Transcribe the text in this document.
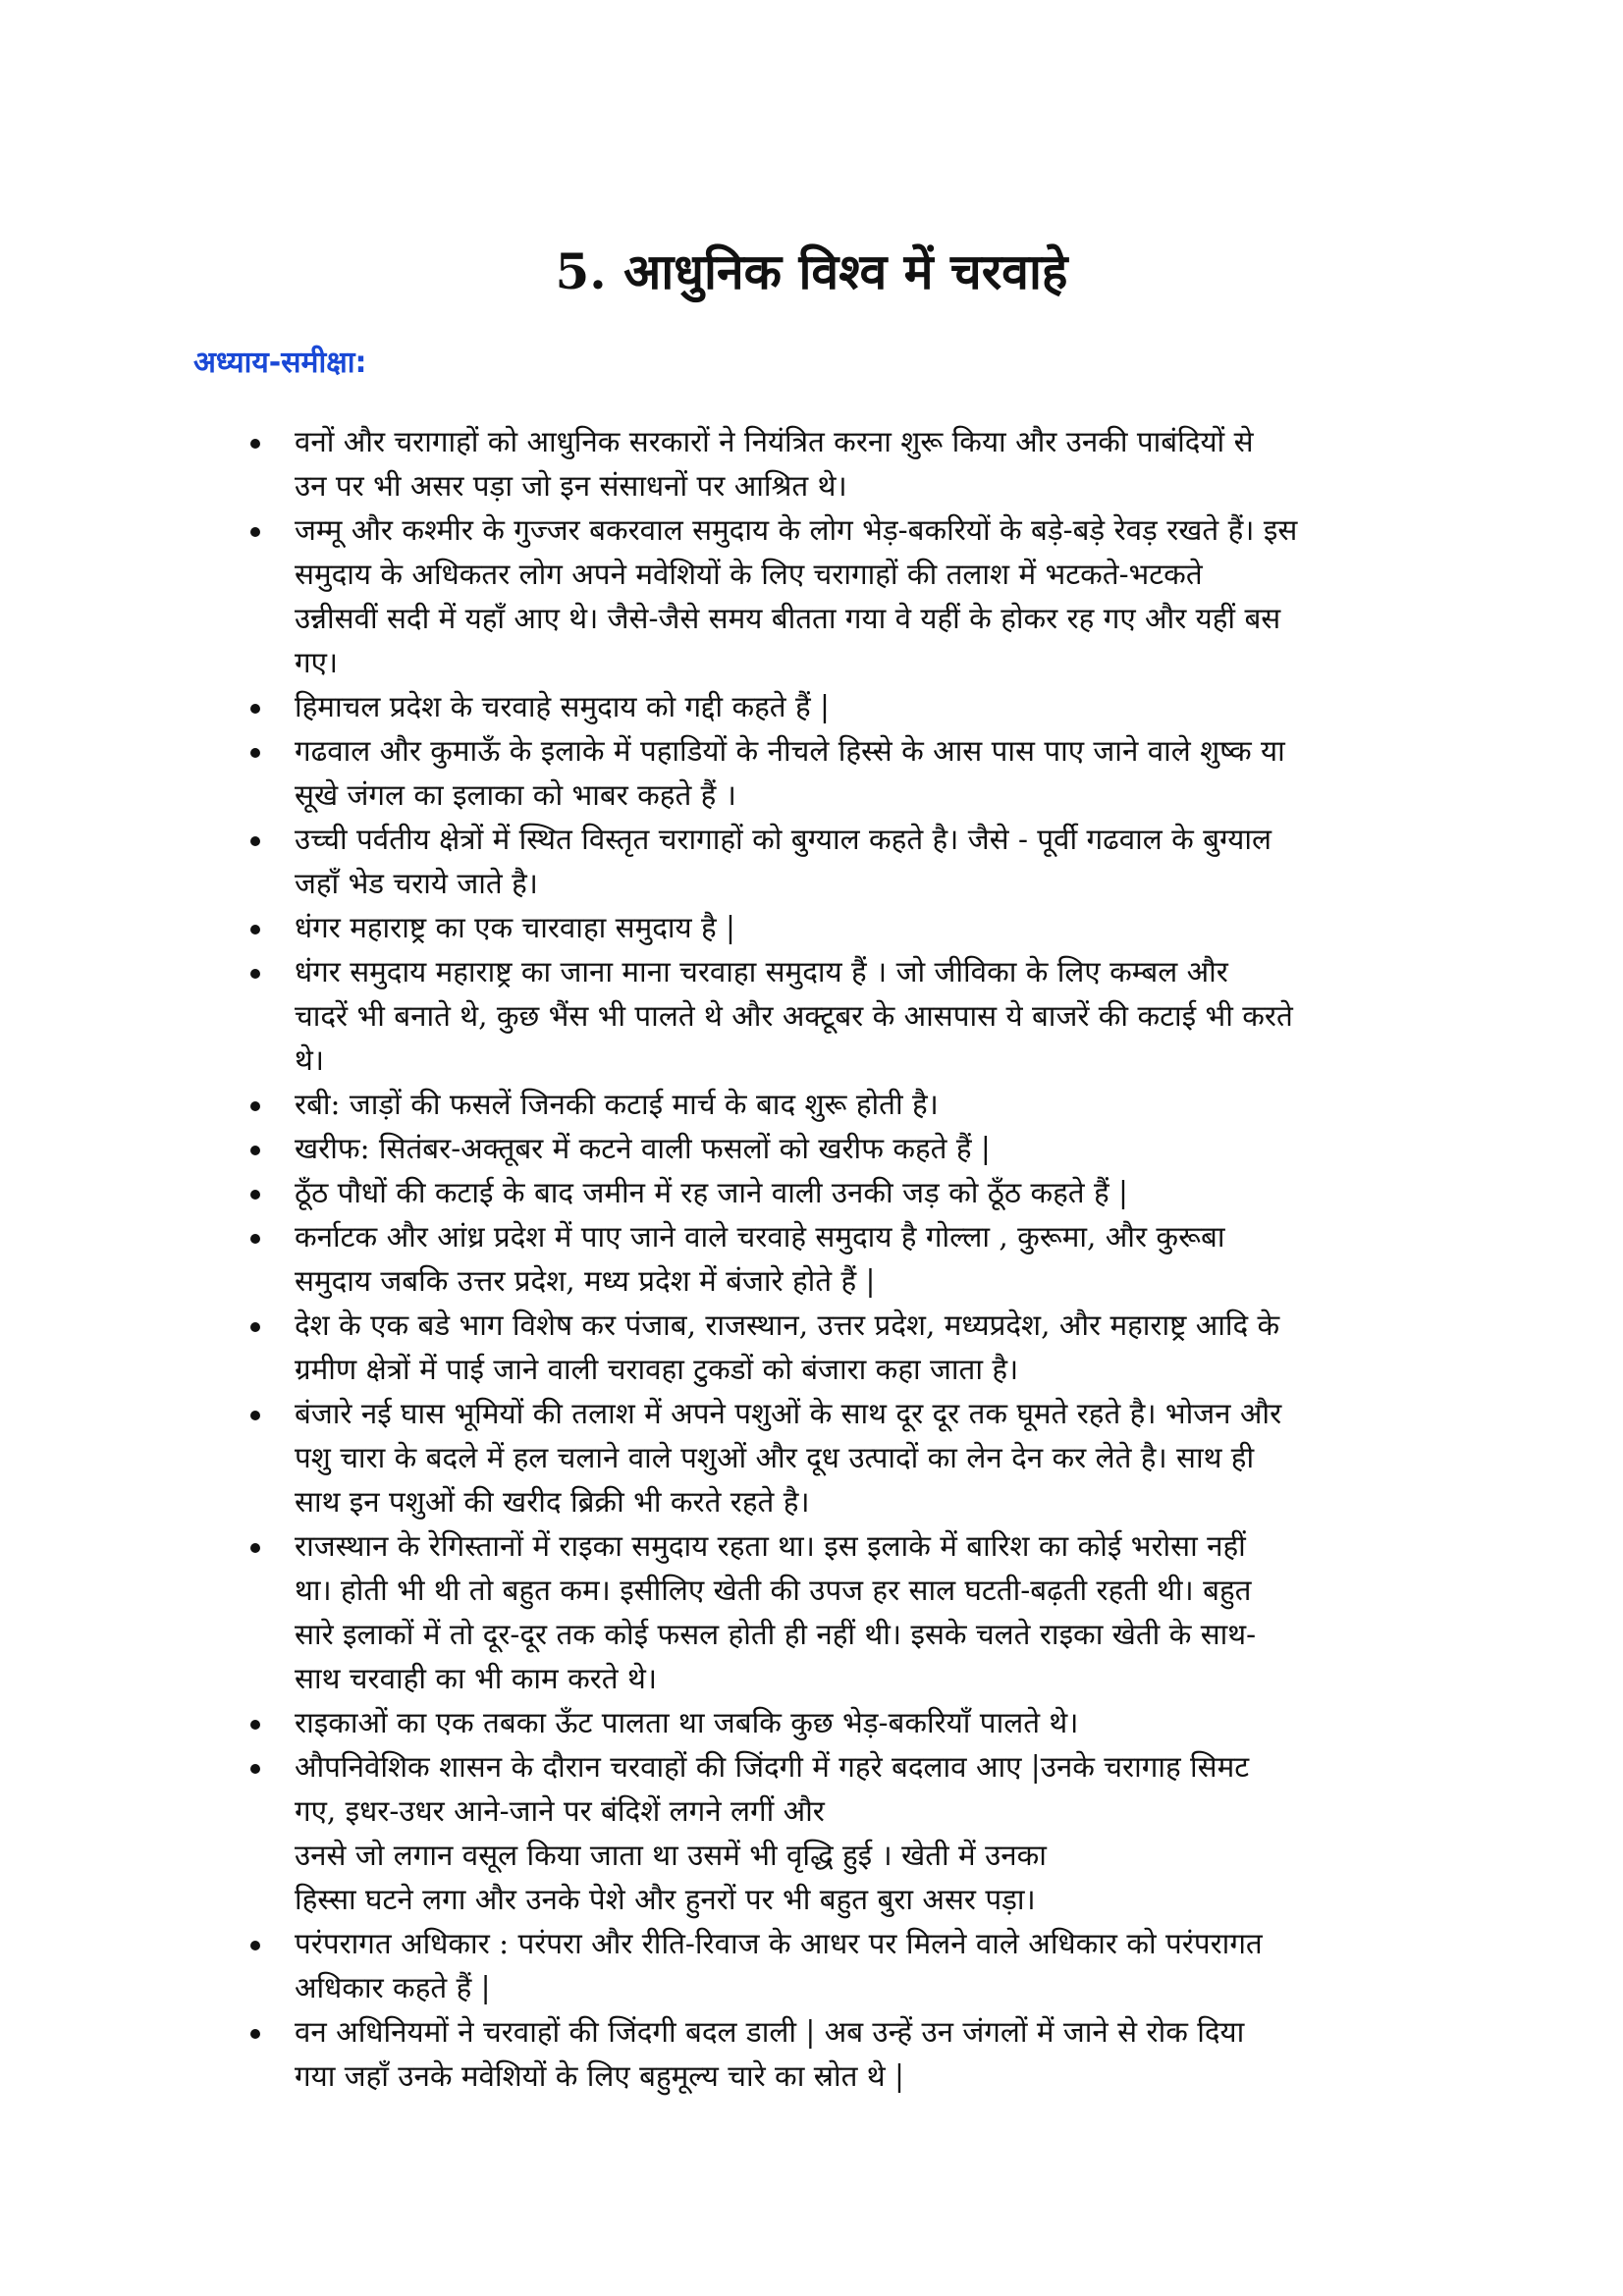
5. आधुनिक विश्व में चरवाहे
अध्याय-समीक्षा:
वनों और चरागाहों को आधुनिक सरकारों ने नियंत्रित करना शुरू किया और उनकी पाबंदियों से
उन पर भी असर पड़ा जो इन संसाधनों पर आश्रित थे।
जम्मू और कश्मीर के गुज्जर बकरवाल समुदाय के लोग भेड़-बकरियों के बड़े-बड़े रेवड़ रखते हैं। इस
समुदाय के अधिकतर लोग अपने मवेशियों के लिए चरागाहों की तलाश में भटकते-भटकते
उन्नीसवीं सदी में यहाँ आए थे। जैसे-जैसे समय बीतता गया वे यहीं के होकर रह गए और यहीं बस
गए।
हिमाचल प्रदेश के चरवाहे समुदाय को गद्दी कहते हैं |
गढवाल और कुमाऊँ के इलाके में पहाडियों के नीचले हिस्से के आस पास पाए जाने वाले शुष्क या
सूखे जंगल का इलाका को भाबर कहते हैं ।
उच्ची पर्वतीय क्षेत्रों में स्थित विस्तृत चरागाहों को बुग्याल कहते है। जैसे - पूर्वी गढवाल के बुग्याल
जहाँ भेड चराये जाते है।
धंगर महाराष्ट्र का एक चारवाहा समुदाय है |
धंगर समुदाय महाराष्ट्र का जाना माना चरवाहा समुदाय हैं । जो जीविका के लिए कम्बल और
चादरें भी बनाते थे, कुछ भैंस भी पालते थे और अक्टूबर के आसपास ये बाजरें की कटाई भी करते
थे।
रबी: जाड़ों की फसलें जिनकी कटाई मार्च के बाद शुरू होती है।
खरीफ: सितंबर-अक्तूबर में कटने वाली फसलों को खरीफ कहते हैं |
ठूँठ पौधों की कटाई के बाद जमीन में रह जाने वाली उनकी जड़ को ठूँठ कहते हैं |
कर्नाटक और आंध्र प्रदेश में पाए जाने वाले चरवाहे समुदाय है गोल्ला , कुरूमा, और कुरूबा
समुदाय जबकि उत्तर प्रदेश, मध्य प्रदेश में बंजारे होते हैं |
देश के एक बडे भाग विशेष कर पंजाब, राजस्थान, उत्तर प्रदेश, मध्यप्रदेश, और महाराष्ट्र आदि के
ग्रमीण क्षेत्रों में पाई जाने वाली चरावहा टुकडों को बंजारा कहा जाता है।
बंजारे नई घास भूमियों की तलाश में अपने पशुओं के साथ दूर दूर तक घूमते रहते है। भोजन और
पशु चारा के बदले में हल चलाने वाले पशुओं और दूध उत्पादों का लेन देन कर लेते है। साथ ही
साथ इन पशुओं की खरीद ब्रिक्री भी करते रहते है।
राजस्थान के रेगिस्तानों में राइका समुदाय रहता था। इस इलाके में बारिश का कोई भरोसा नहीं
था। होती भी थी तो बहुत कम। इसीलिए खेती की उपज हर साल घटती-बढ़ती रहती थी। बहुत
सारे इलाकों में तो दूर-दूर तक कोई फसल होती ही नहीं थी। इसके चलते राइका खेती के साथ-
साथ चरवाही का भी काम करते थे।
राइकाओं का एक तबका ऊँट पालता था जबकि कुछ भेड़-बकरियाँ पालते थे।
औपनिवेशिक शासन के दौरान चरवाहों की जिंदगी में गहरे बदलाव आए |उनके चरागाह सिमट
गए, इधर-उधर आने-जाने पर बंदिशें लगने लगीं और
उनसे जो लगान वसूल किया जाता था उसमें भी वृद्धि हुई । खेती में उनका
हिस्सा घटने लगा और उनके पेशे और हुनरों पर भी बहुत बुरा असर पड़ा।
परंपरागत अधिकार : परंपरा और रीति-रिवाज के आधर पर मिलने वाले अधिकार को परंपरागत
अधिकार कहते हैं |
वन अधिनियमों ने चरवाहों की जिंदगी बदल डाली | अब उन्हें उन जंगलों में जाने से रोक दिया
गया जहाँ उनके मवेशियों के लिए बहुमूल्य चारे का स्रोत थे |
